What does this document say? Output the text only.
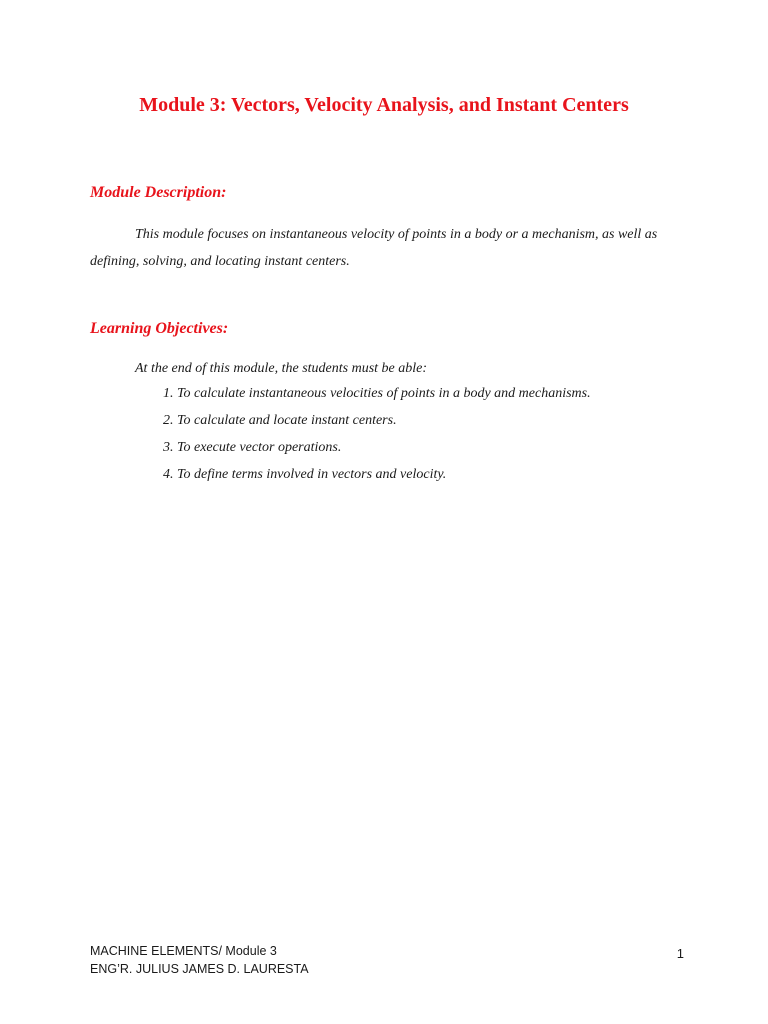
Module 3: Vectors, Velocity Analysis, and Instant Centers
Module Description:
This module focuses on instantaneous velocity of points in a body or a mechanism, as well as defining, solving, and locating instant centers.
Learning Objectives:
At the end of this module, the students must be able:
1. To calculate instantaneous velocities of points in a body and mechanisms.
2. To calculate and locate instant centers.
3. To execute vector operations.
4. To define terms involved in vectors and velocity.
MACHINE ELEMENTS/ Module 3
ENG’R. JULIUS JAMES D. LAURESTA
1
